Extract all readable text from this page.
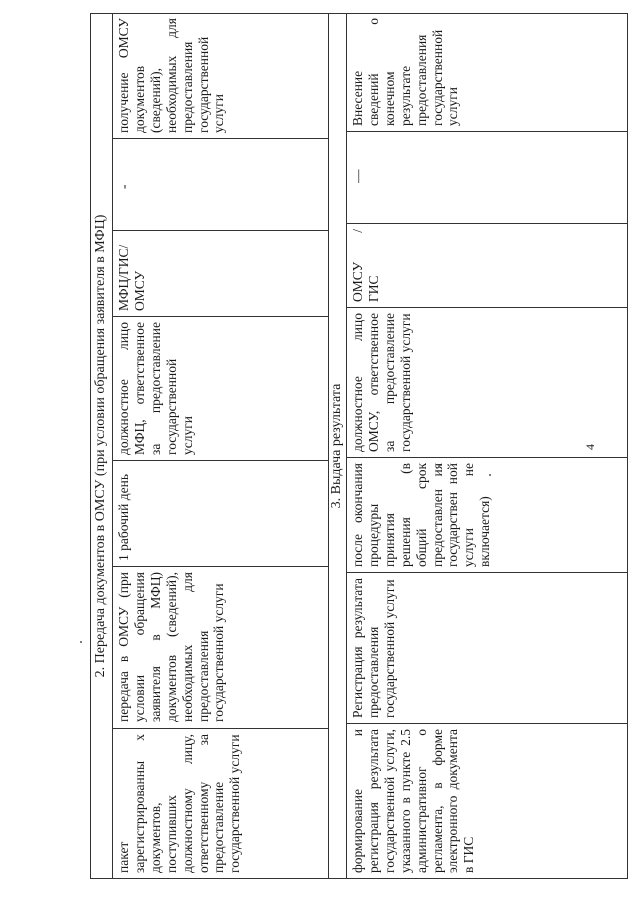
4
2. Передача документов в ОМСУ (при условии обращения заявителя в МФЦ)
пакет зарегистрированны х документов, поступивших должностному лицу, ответственному за предоставление государственной услуги
передача в ОМСУ (при условии обращения заявителя в МФЦ) документов (сведений), необходимых для предоставления государственной услуги
1 рабочий день
должностное лицо МФЦ, ответственное за предоставление государственной услуги
МФЦ/ГИС/ ОМСУ
-
получение ОМСУ документов (сведений), необходимых для предоставления государственной услуги
3. Выдача результата
формирование и регистрация результата государственной услуги, указанного в пункте 2.5 административног о регламента, в форме электронного документа в ГИС
Регистрация результата предоставления государственной услуги
после окончания процедуры принятия решения (в общий срок предоставлен ия государствен ной услуги не включается)
должностное лицо ОМСУ, ответственное за предоставление государственной услуги
ОМСУ / ГИС
—
Внесение сведений о конечном результате предоставления государственной услуги
